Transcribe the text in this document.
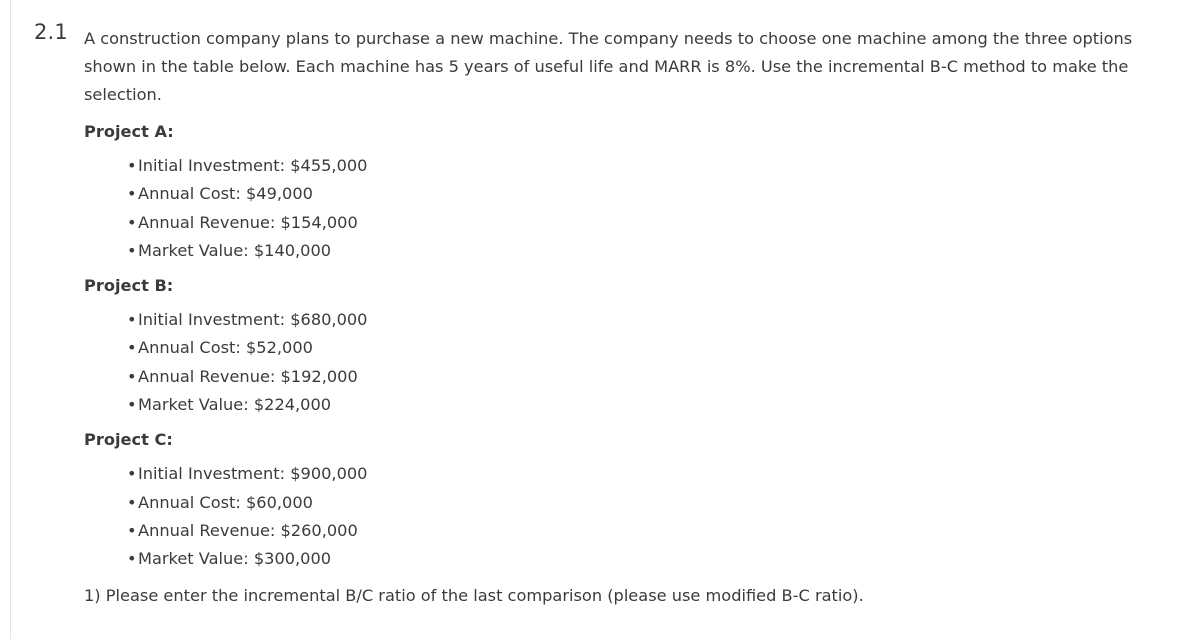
2.1 A construction company plans to purchase a new machine. The company needs to choose one machine among the three options shown in the table below. Each machine has 5 years of useful life and MARR is 8%. Use the incremental B-C method to make the selection.

Project A:
•Initial Investment: $455,000
•Annual Cost: $49,000
•Annual Revenue: $154,000
•Market Value: $140,000
Project B:
•Initial Investment: $680,000
•Annual Cost: $52,000
•Annual Revenue: $192,000
•Market Value: $224,000
Project C:
•Initial Investment: $900,000
•Annual Cost: $60,000
•Annual Revenue: $260,000
•Market Value: $300,000
1) Please enter the incremental B/C ratio of the last comparison (please use modified B-C ratio).
